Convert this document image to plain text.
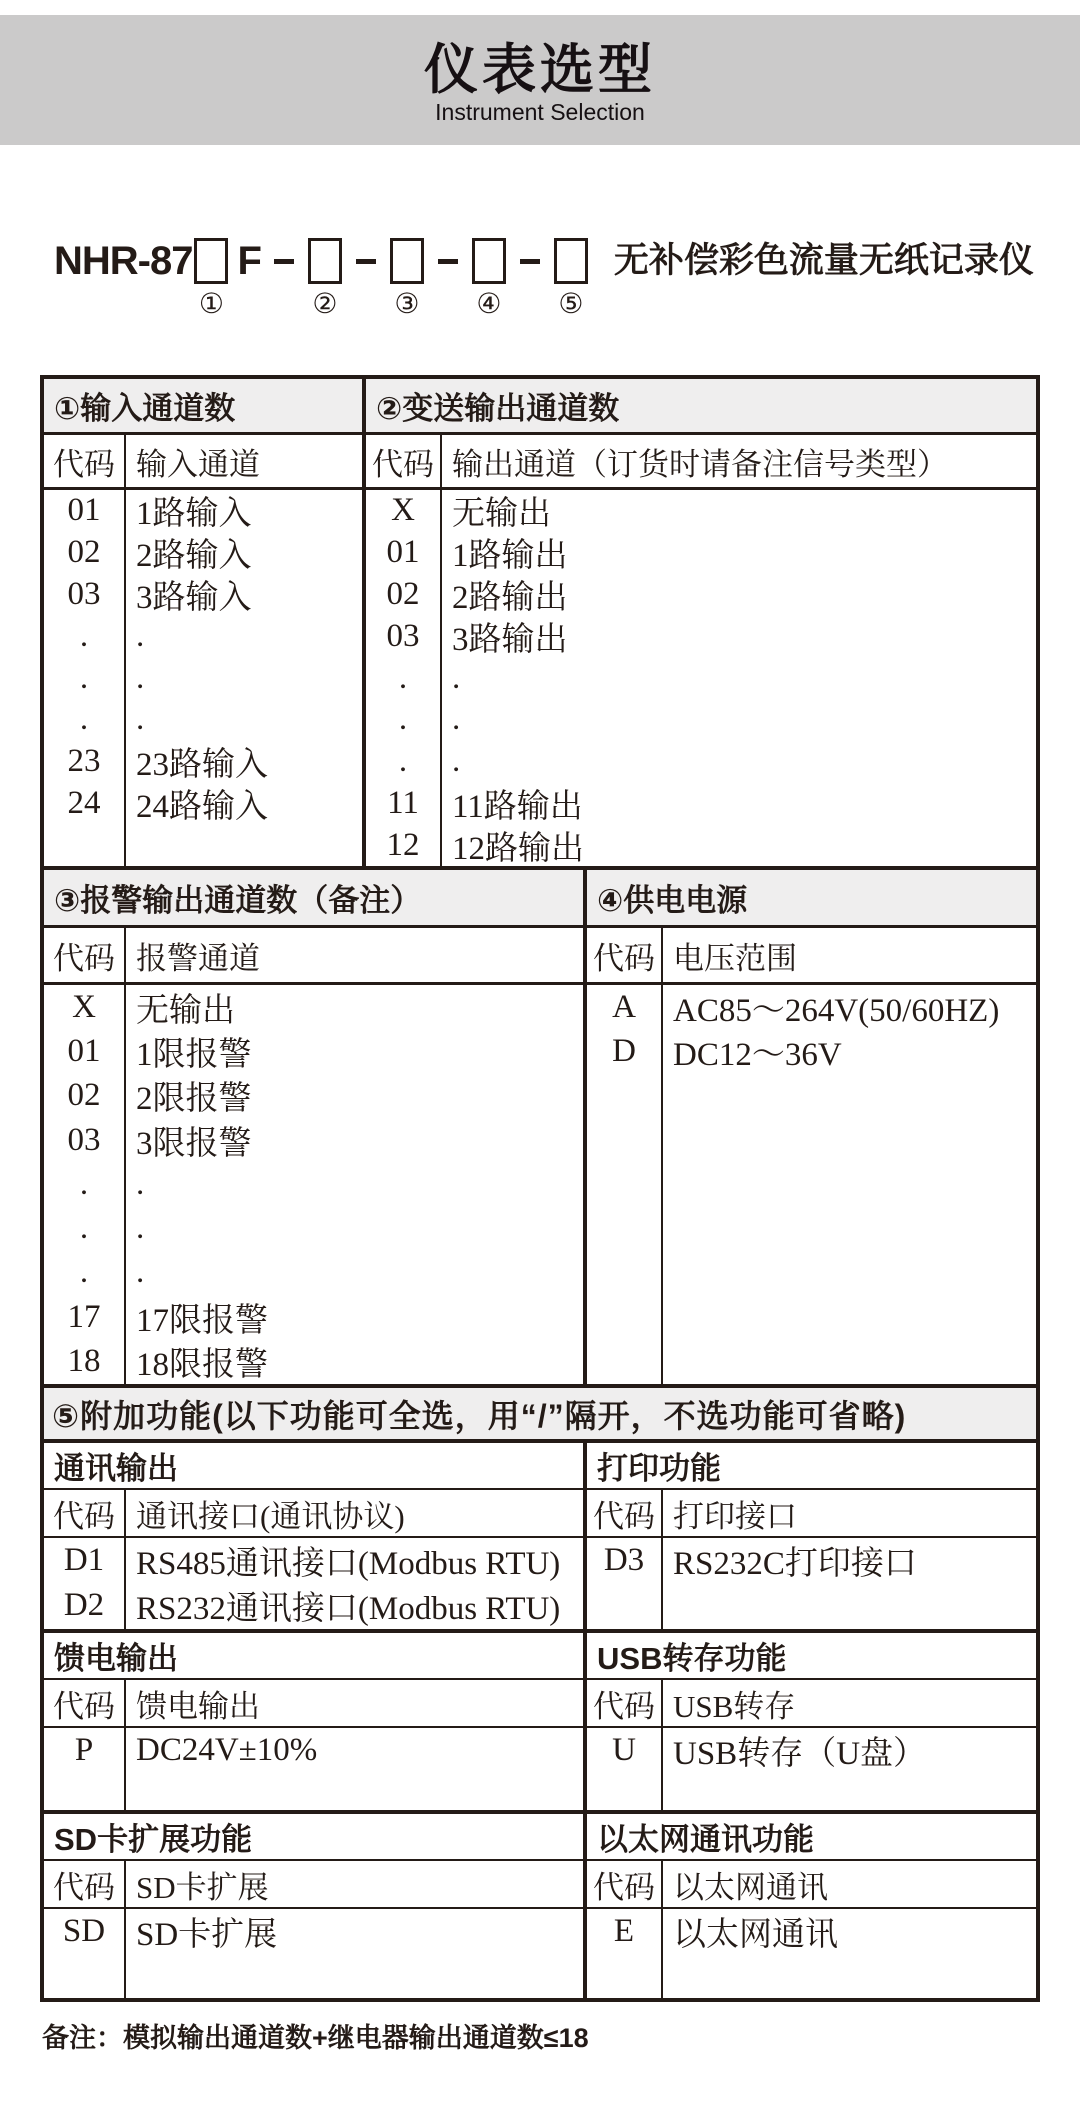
仪表选型
Instrument Selection
NHR-87
①
F
② ③ ④ ⑤
无补偿彩色流量无纸记录仪
①输入通道数
代码 输入通道
01	1路输入
02	2路输入
03	3路输入
.	.
.	.
.	.
23	23路输入
24	24路输入
②变送输出通道数
代码 输出通道（订货时请备注信号类型）
X	无输出
01 1路输出
02 2路输出
03 3路输出
.	.
.	.
.	.
11	11路输出
12 12路输出
③报警输出通道数（备注）
代码 报警通道
X	无输出
01	1限报警
02	2限报警
03	3限报警
.	.
.	.
.	.
17	17限报警
18	18限报警
④供电电源
代码 电压范围
A	AC85～264V(50/60HZ)
D	DC12～36V
⑤附加功能(以下功能可全选，用“/”隔开，不选功能可省略)
通讯输出
代码 通讯接口(通讯协议)
D1 RS485通讯接口(Modbus RTU)
D2 RS232通讯接口(Modbus RTU)
打印功能
代码 打印接口
D3 RS232C打印接口
馈电输出
代码 馈电输出
P	DC24V±10%
USB转存功能
代码 USB转存
U	USB转存（U盘）
SD卡扩展功能
代码 SD卡扩展
SD SD卡扩展
以太网通讯功能
代码 以太网通讯
E	以太网通讯
备注：模拟输出通道数+继电器输出通道数≤18
